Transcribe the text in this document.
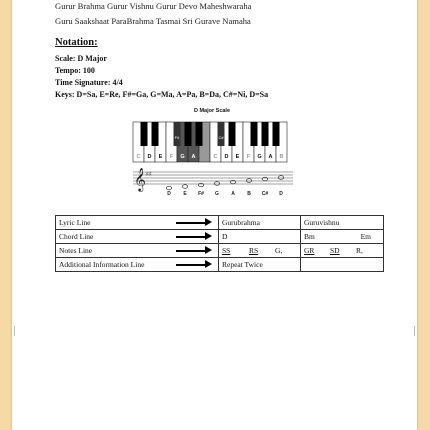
Gurur Brahma Gurur Vishnu Gurur Devo Maheshwaraha
Guru Saakshaat ParaBrahma Tasmai Sri Gurave Namaha
Notation:
Scale: D Major
Tempo: 100
Time Signature: 4/4
Keys: D=Sa, E=Re, F#=Ga, G=Ma, A=Pa, B=Da, C#=Ni, D=Sa
D Major Scale
C D E F G A B C D E F G A B
F#	C#
𝄞 ♯♯
D	E F# G A B C# D
Lyric Line	Gurubrahma	Guruvishnu	
Chord Line	D	Bm	Em
Notes Line	SS RS G,	GR SD R,	
Additional Information Line	Repeat Twice		
